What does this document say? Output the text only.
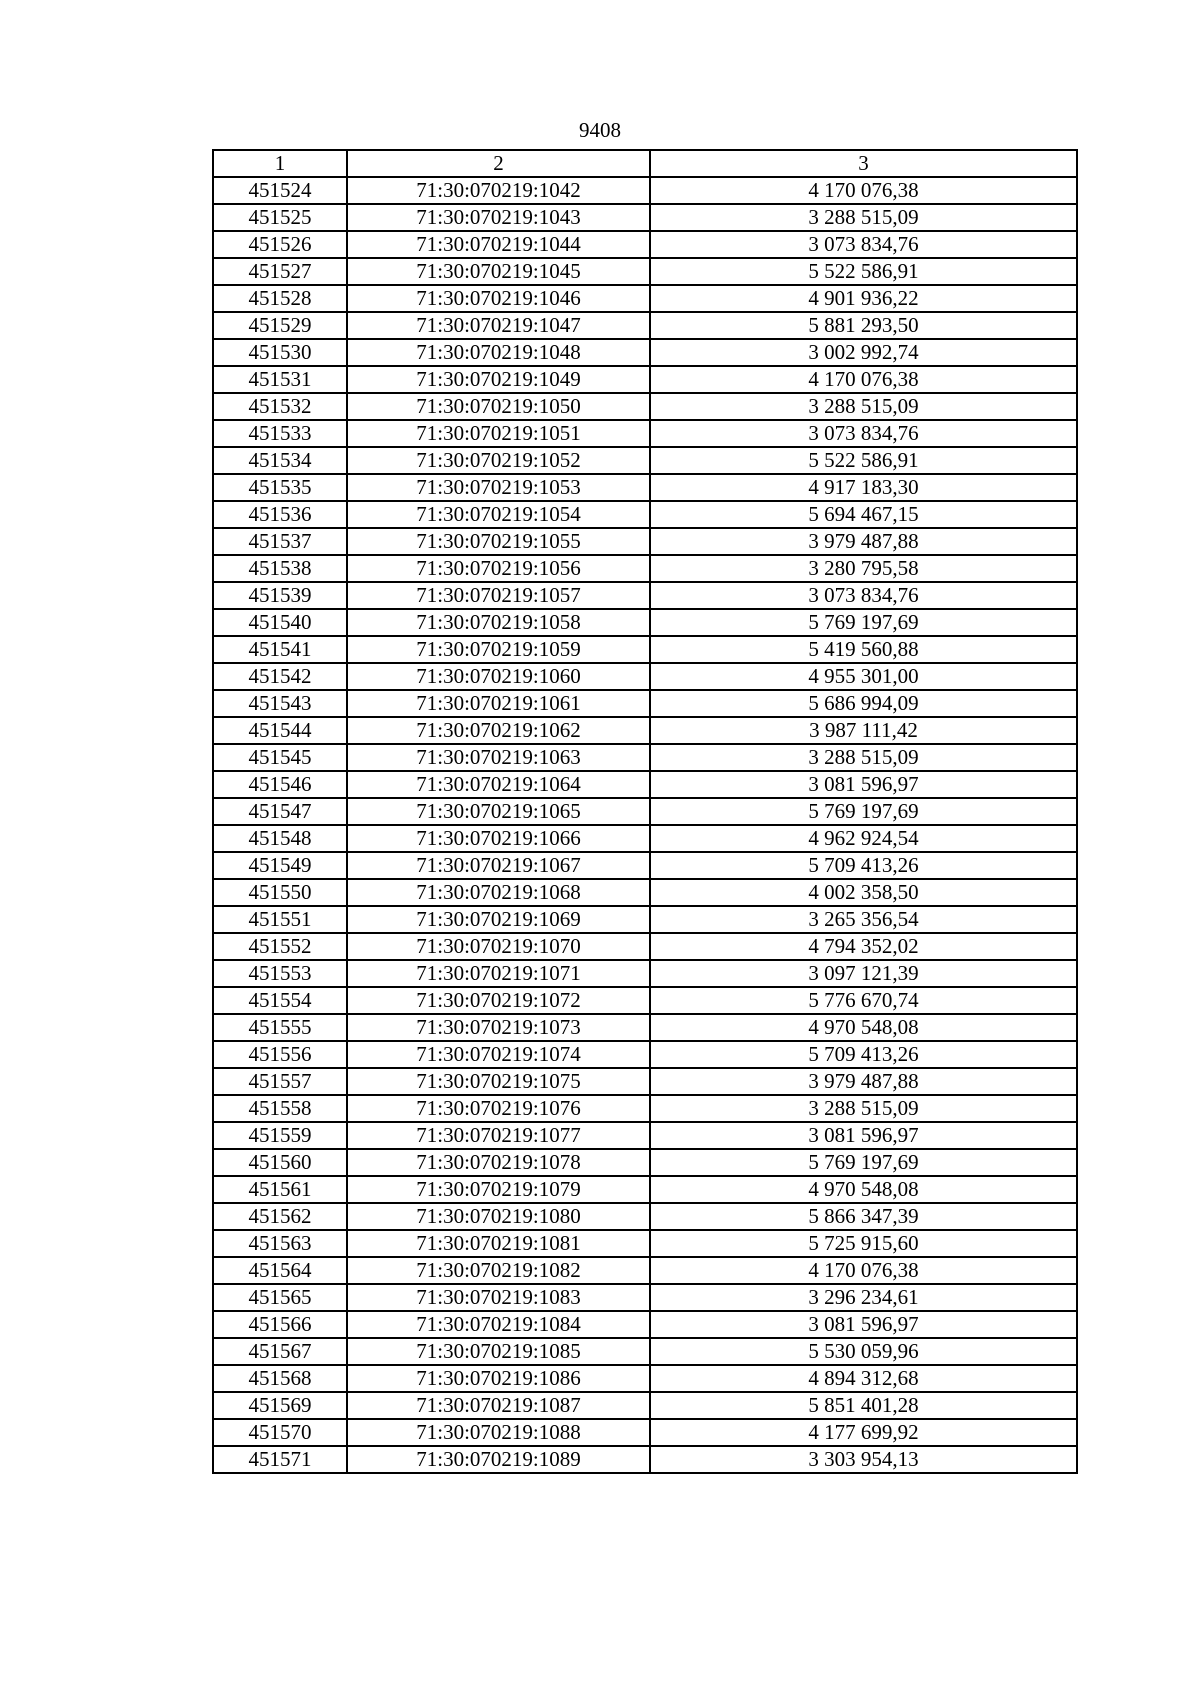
9408
1	2	3
451524	71:30:070219:1042	4 170 076,38
451525	71:30:070219:1043	3 288 515,09
451526	71:30:070219:1044	3 073 834,76
451527	71:30:070219:1045	5 522 586,91
451528	71:30:070219:1046	4 901 936,22
451529	71:30:070219:1047	5 881 293,50
451530	71:30:070219:1048	3 002 992,74
451531	71:30:070219:1049	4 170 076,38
451532	71:30:070219:1050	3 288 515,09
451533	71:30:070219:1051	3 073 834,76
451534	71:30:070219:1052	5 522 586,91
451535	71:30:070219:1053	4 917 183,30
451536	71:30:070219:1054	5 694 467,15
451537	71:30:070219:1055	3 979 487,88
451538	71:30:070219:1056	3 280 795,58
451539	71:30:070219:1057	3 073 834,76
451540	71:30:070219:1058	5 769 197,69
451541	71:30:070219:1059	5 419 560,88
451542	71:30:070219:1060	4 955 301,00
451543	71:30:070219:1061	5 686 994,09
451544	71:30:070219:1062	3 987 111,42
451545	71:30:070219:1063	3 288 515,09
451546	71:30:070219:1064	3 081 596,97
451547	71:30:070219:1065	5 769 197,69
451548	71:30:070219:1066	4 962 924,54
451549	71:30:070219:1067	5 709 413,26
451550	71:30:070219:1068	4 002 358,50
451551	71:30:070219:1069	3 265 356,54
451552	71:30:070219:1070	4 794 352,02
451553	71:30:070219:1071	3 097 121,39
451554	71:30:070219:1072	5 776 670,74
451555	71:30:070219:1073	4 970 548,08
451556	71:30:070219:1074	5 709 413,26
451557	71:30:070219:1075	3 979 487,88
451558	71:30:070219:1076	3 288 515,09
451559	71:30:070219:1077	3 081 596,97
451560	71:30:070219:1078	5 769 197,69
451561	71:30:070219:1079	4 970 548,08
451562	71:30:070219:1080	5 866 347,39
451563	71:30:070219:1081	5 725 915,60
451564	71:30:070219:1082	4 170 076,38
451565	71:30:070219:1083	3 296 234,61
451566	71:30:070219:1084	3 081 596,97
451567	71:30:070219:1085	5 530 059,96
451568	71:30:070219:1086	4 894 312,68
451569	71:30:070219:1087	5 851 401,28
451570	71:30:070219:1088	4 177 699,92
451571	71:30:070219:1089	3 303 954,13
